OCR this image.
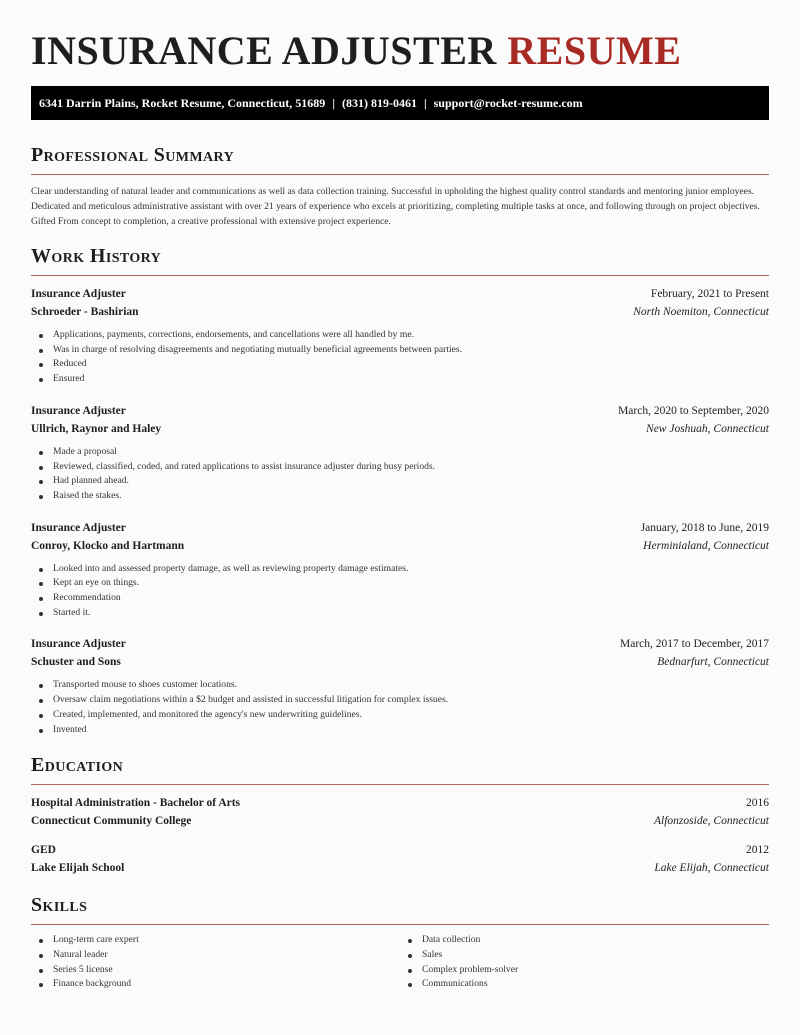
INSURANCE ADJUSTER RESUME
6341 Darrin Plains, Rocket Resume, Connecticut, 51689 | (831) 819-0461 | support@rocket-resume.com
Professional Summary

Clear understanding of natural leader and communications as well as data collection training. Successful in upholding the highest quality control standards and mentoring junior employees. Dedicated and meticulous administrative assistant with over 21 years of experience who excels at prioritizing, completing multiple tasks at once, and following through on project objectives. Gifted From concept to completion, a creative professional with extensive project experience.

Work History
Insurance Adjuster	February, 2021 to Present
Schroeder - Bashirian	North Noemiton, Connecticut
Applications, payments, corrections, endorsements, and cancellations were all handled by me.
Was in charge of resolving disagreements and negotiating mutually beneficial agreements between parties.
Reduced
Ensured
Insurance Adjuster	March, 2020 to September, 2020
Ullrich, Raynor and Haley	New Joshuah, Connecticut
Made a proposal
Reviewed, classified, coded, and rated applications to assist insurance adjuster during busy periods.
Had planned ahead.
Raised the stakes.
Insurance Adjuster	January, 2018 to June, 2019
Conroy, Klocko and Hartmann	Herminialand, Connecticut
Looked into and assessed property damage, as well as reviewing property damage estimates.
Kept an eye on things.
Recommendation
Started it.
Insurance Adjuster	March, 2017 to December, 2017
Schuster and Sons	Bednarfurt, Connecticut
Transported mouse to shoes customer locations.
Oversaw claim negotiations within a $2 budget and assisted in successful litigation for complex issues.
Created, implemented, and monitored the agency's new underwriting guidelines.
Invented
Education
Hospital Administration - Bachelor of Arts	2016
Connecticut Community College	Alfonzoside, Connecticut
GED	2012
Lake Elijah School	Lake Elijah, Connecticut
Skills
Long-term care expert
Natural leader
Series 5 license
Finance background
Data collection
Sales
Complex problem-solver
Communications
